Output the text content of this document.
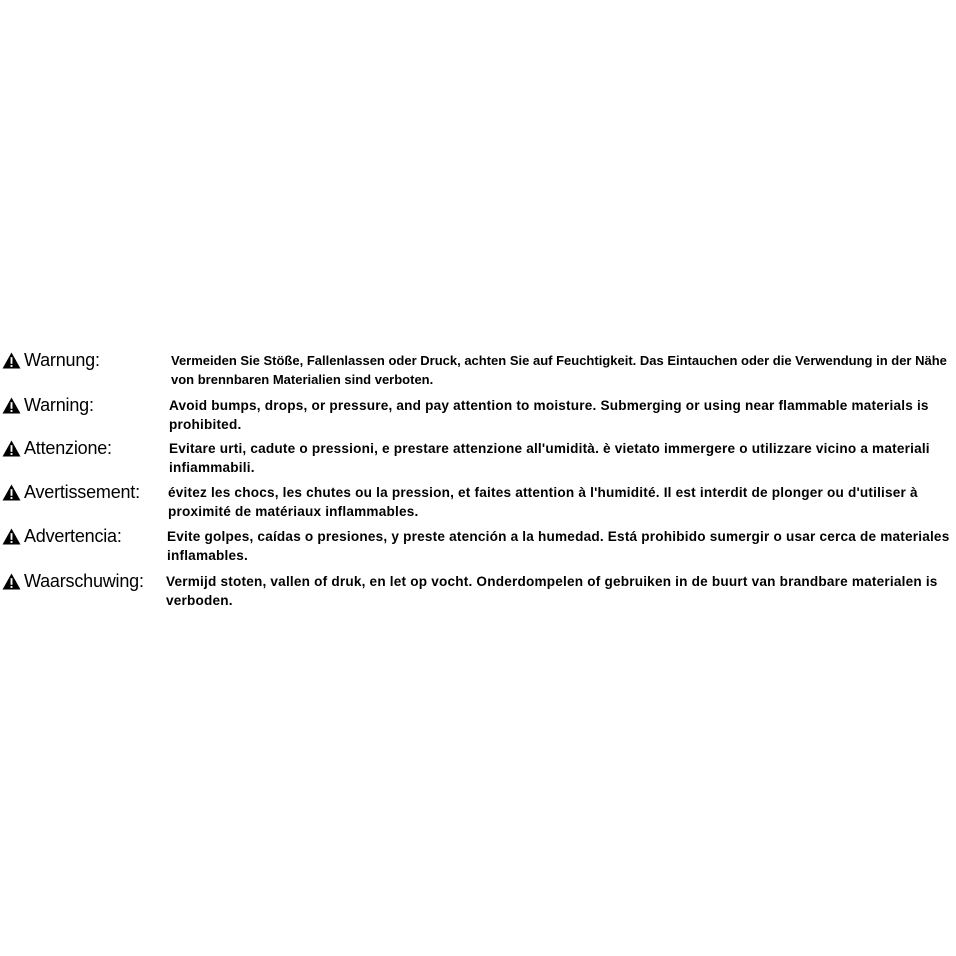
Warnung:	Vermeiden Sie Stöße, Fallenlassen oder Druck, achten Sie auf Feuchtigkeit. Das Eintauchen oder die Verwendung in der Nähe von brennbaren Materialien sind verboten.
Warning:	Avoid bumps, drops, or pressure, and pay attention to moisture. Submerging or using near flammable materials is prohibited.
Attenzione:	Evitare urti, cadute o pressioni, e prestare attenzione all'umidità. è vietato immergere o utilizzare vicino a materiali infiammabili.
Avertissement: évitez les chocs, les chutes ou la pression, et faites attention à l'humidité. Il est interdit de plonger ou d'utiliser à proximité de matériaux inflammables.
Advertencia:	Evite golpes, caídas o presiones, y preste atención a la humedad. Está prohibido sumergir o usar cerca de materiales inflamables.
Waarschuwing: Vermijd stoten, vallen of druk, en let op vocht. Onderdompelen of gebruiken in de buurt van brandbare materialen is verboden.
